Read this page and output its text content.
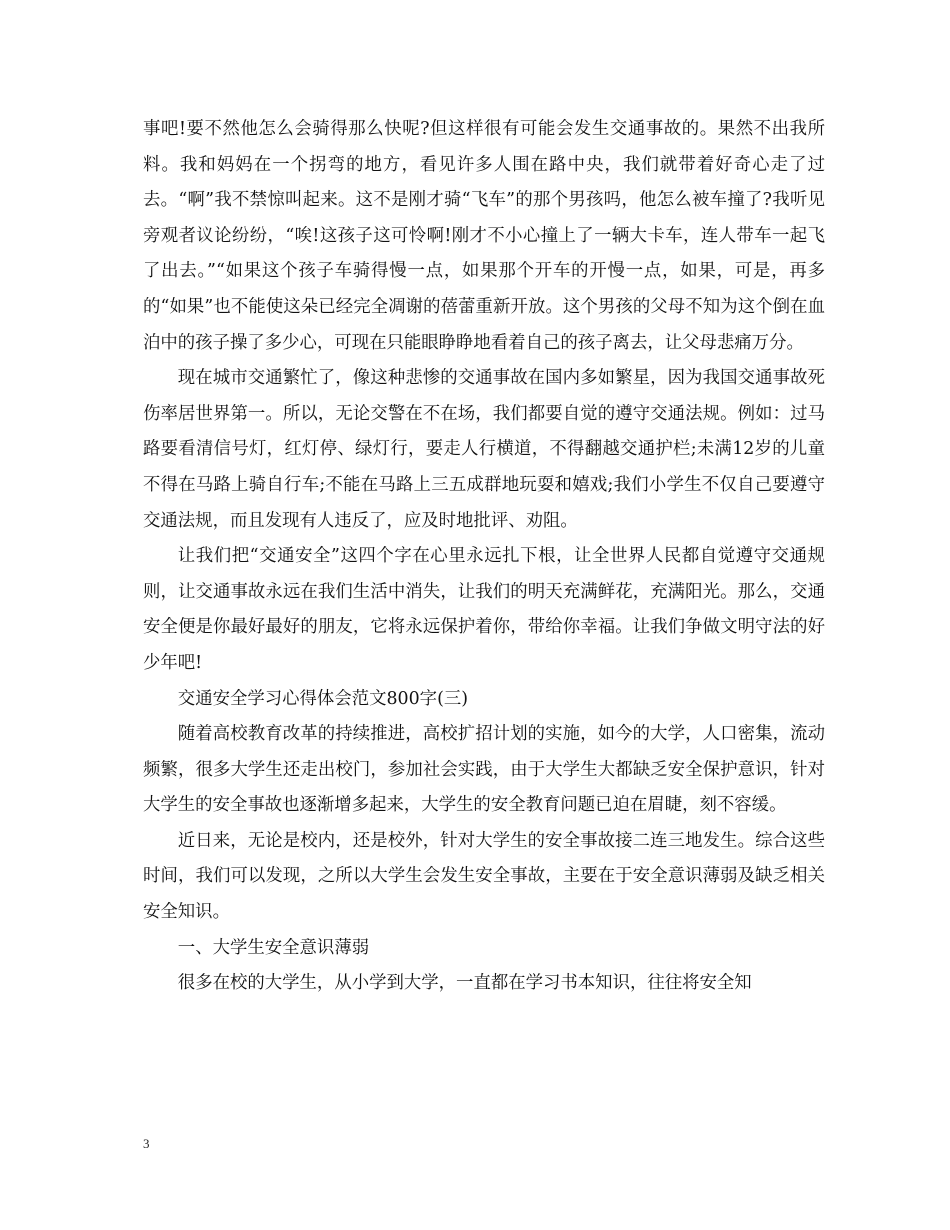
事吧!要不然他怎么会骑得那么快呢?但这样很有可能会发生交通事故的。果然不出我所料。我和妈妈在一个拐弯的地方，看见许多人围在路中央，我们就带着好奇心走了过去。“啊”我不禁惊叫起来。这不是刚才骑“飞车”的那个男孩吗，他怎么被车撞了?我听见旁观者议论纷纷，“唉!这孩子这可怜啊!刚才不小心撞上了一辆大卡车，连人带车一起飞了出去。”“如果这个孩子车骑得慢一点，如果那个开车的开慢一点，如果，可是，再多的“如果”也不能使这朵已经完全凋谢的蓓蕾重新开放。这个男孩的父母不知为这个倒在血泊中的孩子操了多少心，可现在只能眼睁睁地看着自己的孩子离去，让父母悲痛万分。

现在城市交通繁忙了，像这种悲惨的交通事故在国内多如繁星，因为我国交通事故死伤率居世界第一。所以，无论交警在不在场，我们都要自觉的遵守交通法规。例如：过马路要看清信号灯，红灯停、绿灯行，要走人行横道，不得翻越交通护栏;未满12岁的儿童不得在马路上骑自行车;不能在马路上三五成群地玩耍和嬉戏;我们小学生不仅自己要遵守交通法规，而且发现有人违反了，应及时地批评、劝阻。

让我们把“交通安全”这四个字在心里永远扎下根，让全世界人民都自觉遵守交通规则，让交通事故永远在我们生活中消失，让我们的明天充满鲜花，充满阳光。那么，交通安全便是你最好最好的朋友，它将永远保护着你，带给你幸福。让我们争做文明守法的好少年吧!

交通安全学习心得体会范文800字(三)

随着高校教育改革的持续推进，高校扩招计划的实施，如今的大学，人口密集，流动频繁，很多大学生还走出校门，参加社会实践，由于大学生大都缺乏安全保护意识，针对大学生的安全事故也逐渐增多起来，大学生的安全教育问题已迫在眉睫，刻不容缓。

近日来，无论是校内，还是校外，针对大学生的安全事故接二连三地发生。综合这些时间，我们可以发现，之所以大学生会发生安全事故，主要在于安全意识薄弱及缺乏相关安全知识。

一、大学生安全意识薄弱

很多在校的大学生，从小学到大学，一直都在学习书本知识，往往将安全知

3
